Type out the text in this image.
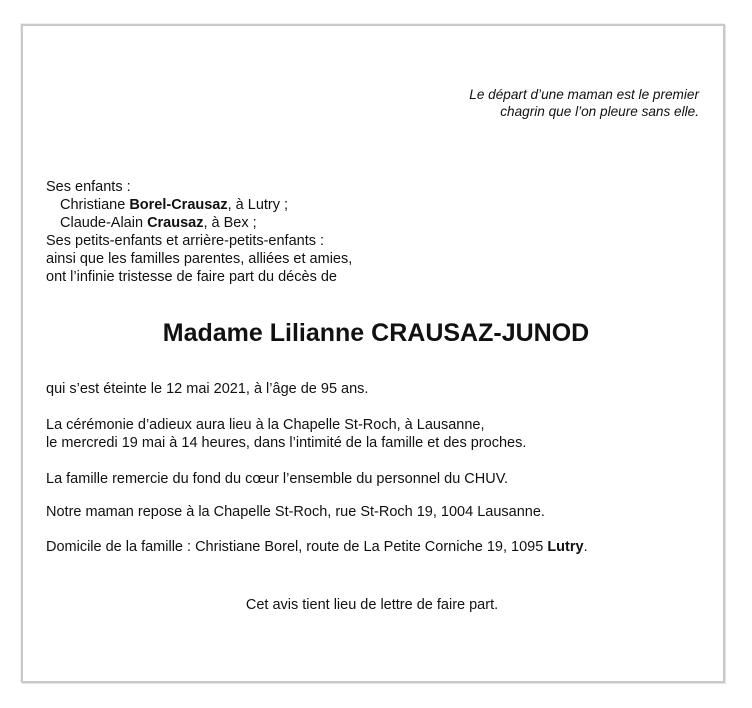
Le départ d’une maman est le premier
chagrin que l’on pleure sans elle.
Ses enfants :
Christiane Borel-Crausaz, à Lutry ;
Claude-Alain Crausaz, à Bex ;
Ses petits-enfants et arrière-petits-enfants :
ainsi que les familles parentes, alliées et amies,
ont l’infinie tristesse de faire part du décès de
Madame Lilianne CRAUSAZ-JUNOD
qui s’est éteinte le 12 mai 2021, à l’âge de 95 ans.
La cérémonie d’adieux aura lieu à la Chapelle St-Roch, à Lausanne,
le mercredi 19 mai à 14 heures, dans l’intimité de la famille et des proches.
La famille remercie du fond du cœur l’ensemble du personnel du CHUV.
Notre maman repose à la Chapelle St-Roch, rue St-Roch 19, 1004 Lausanne.
Domicile de la famille : Christiane Borel, route de La Petite Corniche 19, 1095 Lutry.
Cet avis tient lieu de lettre de faire part.
